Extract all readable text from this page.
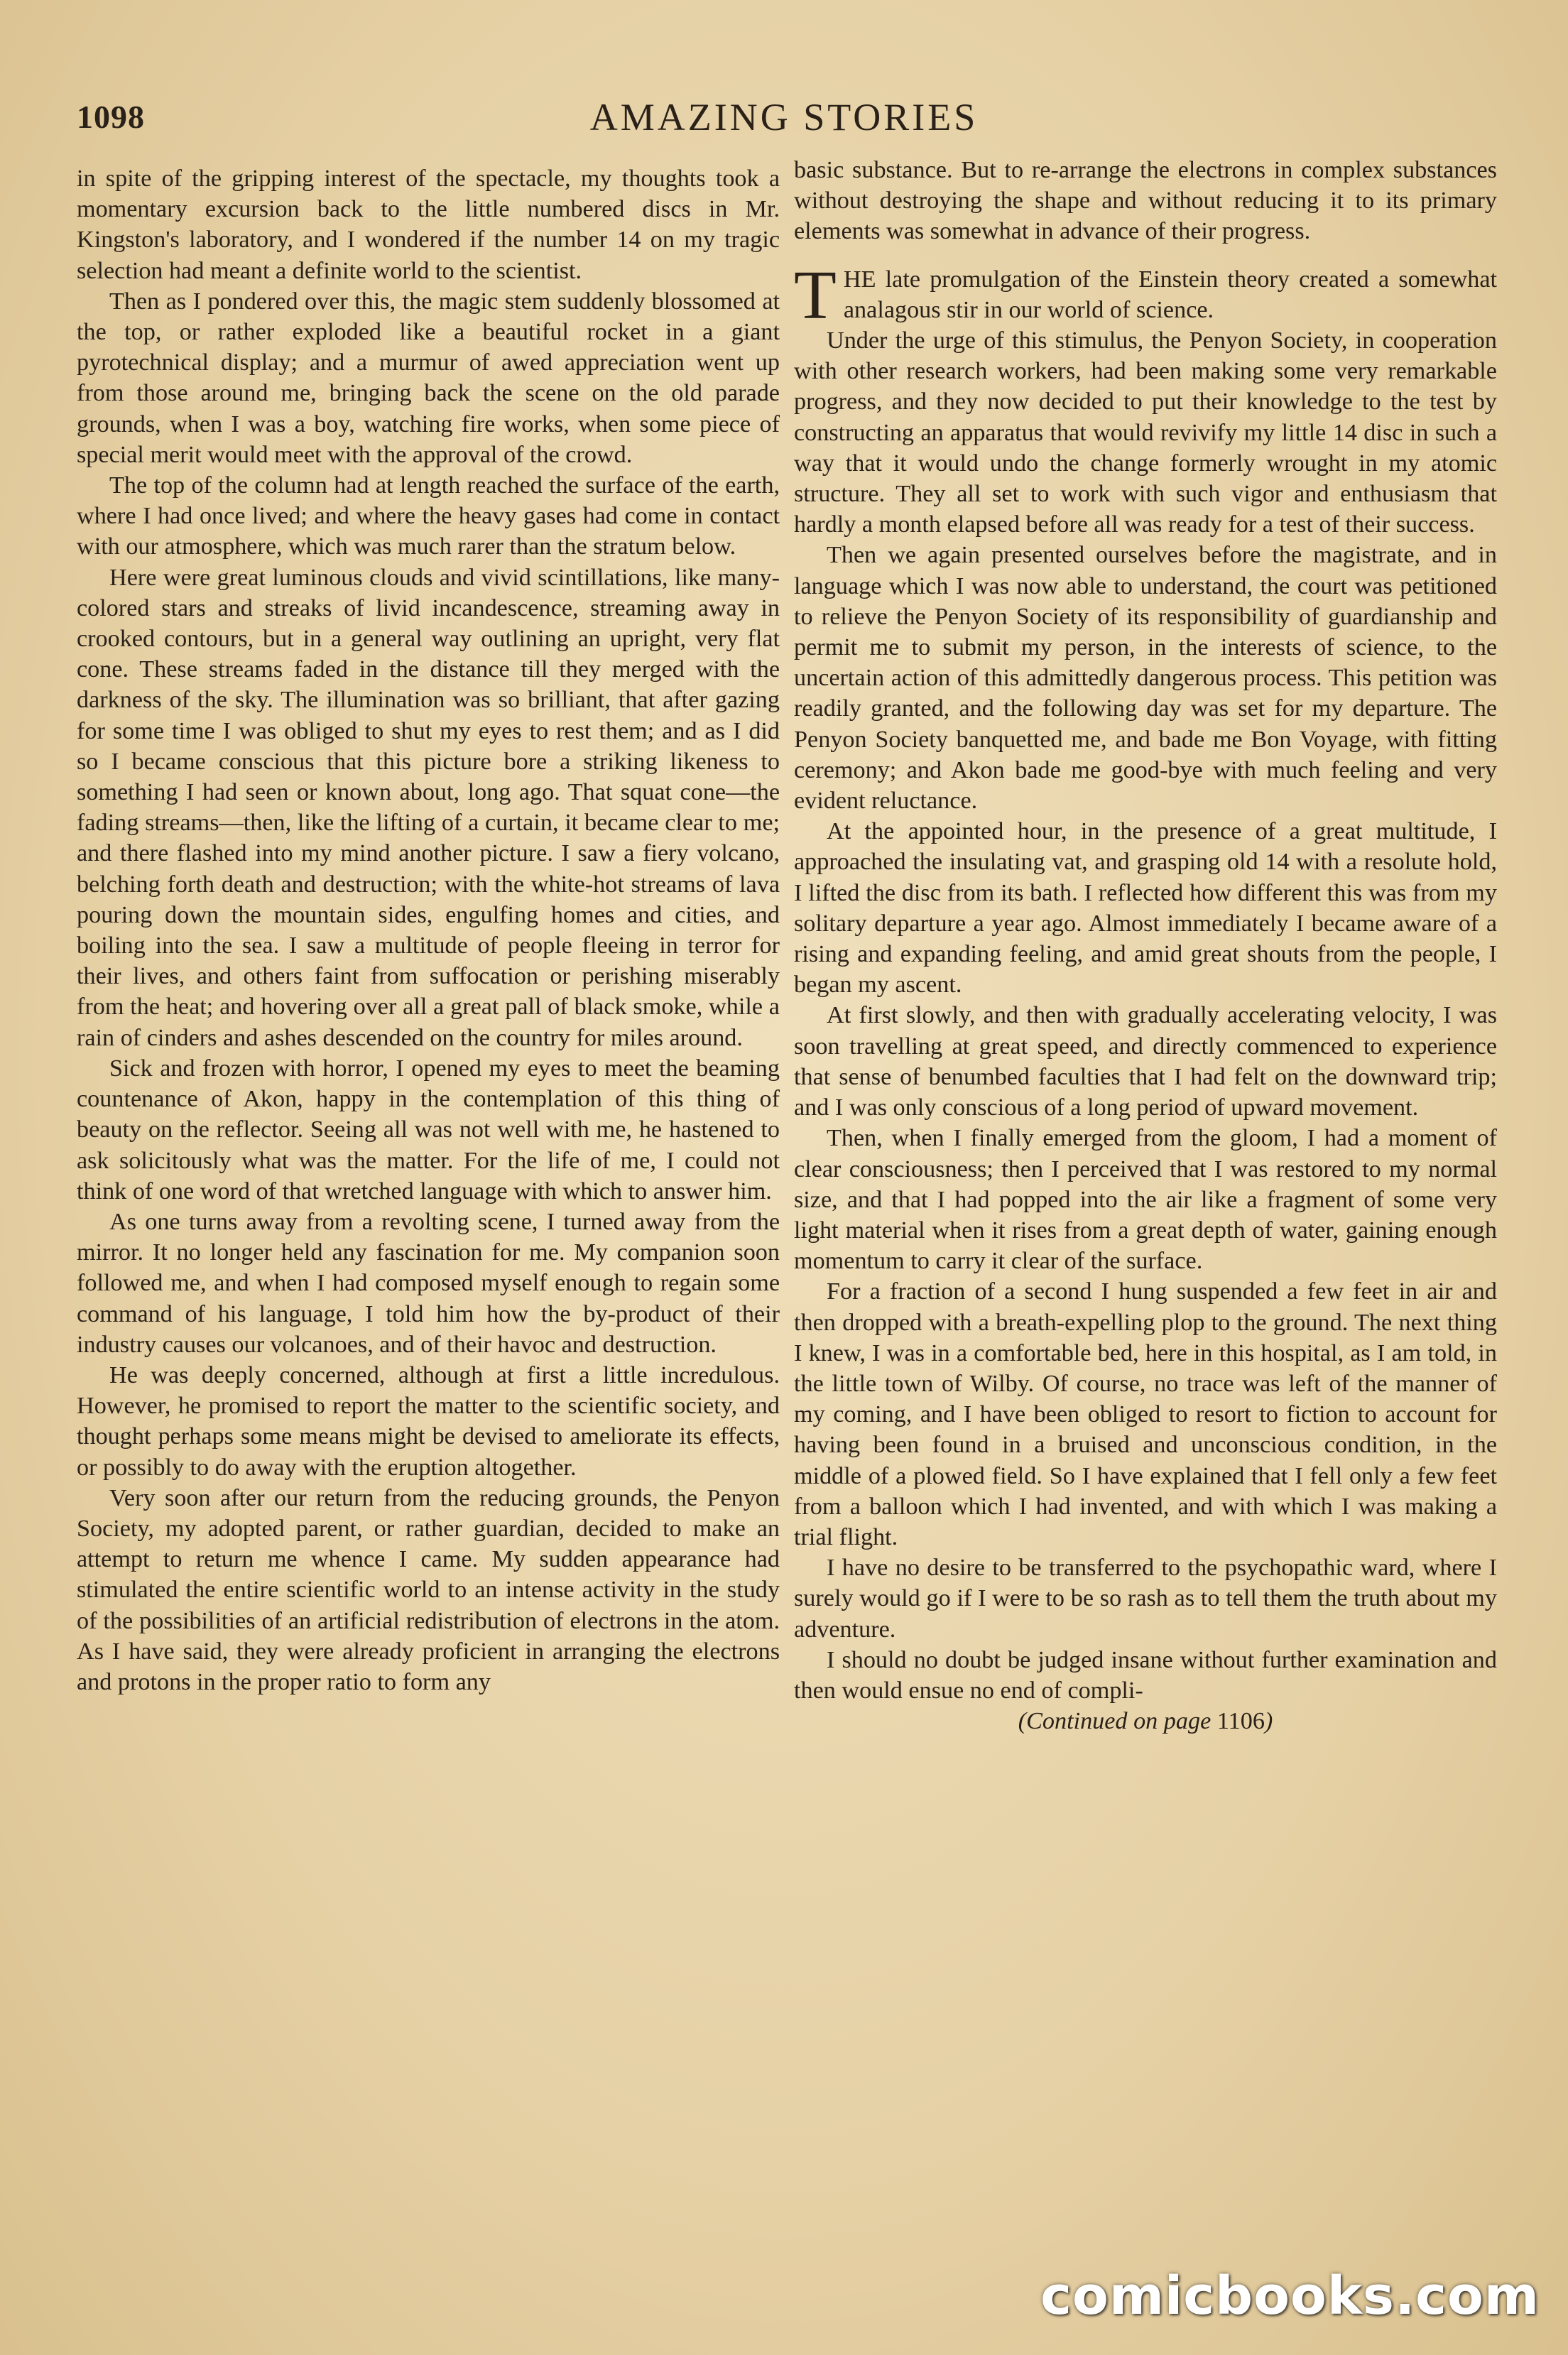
1098	AMAZING STORIES

in spite of the gripping interest of the spectacle, my thoughts took a momentary excursion back to the little numbered discs in Mr. Kingston's laboratory, and I wondered if the number 14 on my tragic selection had meant a definite world to the scientist.

Then as I pondered over this, the magic stem suddenly blossomed at the top, or rather exploded like a beautiful rocket in a giant pyrotechnical display; and a murmur of awed appreciation went up from those around me, bringing back the scene on the old parade grounds, when I was a boy, watching fire works, when some piece of special merit would meet with the approval of the crowd.

The top of the column had at length reached the surface of the earth, where I had once lived; and where the heavy gases had come in contact with our atmosphere, which was much rarer than the stratum below.

Here were great luminous clouds and vivid scintillations, like many-colored stars and streaks of livid incandescence, streaming away in crooked contours, but in a general way outlining an upright, very flat cone. These streams faded in the distance till they merged with the darkness of the sky. The illumination was so brilliant, that after gazing for some time I was obliged to shut my eyes to rest them; and as I did so I became conscious that this picture bore a striking likeness to something I had seen or known about, long ago. That squat cone—the fading streams—then, like the lifting of a curtain, it became clear to me; and there flashed into my mind another picture. I saw a fiery volcano, belching forth death and destruction; with the white-hot streams of lava pouring down the mountain sides, engulfing homes and cities, and boiling into the sea. I saw a multitude of people fleeing in terror for their lives, and others faint from suffocation or perishing miserably from the heat; and hovering over all a great pall of black smoke, while a rain of cinders and ashes descended on the country for miles around.

Sick and frozen with horror, I opened my eyes to meet the beaming countenance of Akon, happy in the contemplation of this thing of beauty on the reflector. Seeing all was not well with me, he hastened to ask solicitously what was the matter. For the life of me, I could not think of one word of that wretched language with which to answer him.

As one turns away from a revolting scene, I turned away from the mirror. It no longer held any fascination for me. My companion soon followed me, and when I had composed myself enough to regain some command of his language, I told him how the by-product of their industry causes our volcanoes, and of their havoc and destruction.

He was deeply concerned, although at first a little incredulous. However, he promised to report the matter to the scientific society, and thought perhaps some means might be devised to ameliorate its effects, or possibly to do away with the eruption altogether.

Very soon after our return from the reducing grounds, the Penyon Society, my adopted parent, or rather guardian, decided to make an attempt to return me whence I came. My sudden appearance had stimulated the entire scientific world to an intense activity in the study of the possibilities of an artificial redistribution of electrons in the atom. As I have said, they were already proficient in arranging the electrons and protons in the proper ratio to form any

basic substance. But to re-arrange the electrons in complex substances without destroying the shape and without reducing it to its primary elements was somewhat in advance of their progress.

THE late promulgation of the Einstein theory created a somewhat analagous stir in our world of science.

Under the urge of this stimulus, the Penyon Society, in cooperation with other research workers, had been making some very remarkable progress, and they now decided to put their knowledge to the test by constructing an apparatus that would revivify my little 14 disc in such a way that it would undo the change formerly wrought in my atomic structure. They all set to work with such vigor and enthusiasm that hardly a month elapsed before all was ready for a test of their success.

Then we again presented ourselves before the magistrate, and in language which I was now able to understand, the court was petitioned to relieve the Penyon Society of its responsibility of guardianship and permit me to submit my person, in the interests of science, to the uncertain action of this admittedly dangerous process. This petition was readily granted, and the following day was set for my departure. The Penyon Society banquetted me, and bade me Bon Voyage, with fitting ceremony; and Akon bade me good-bye with much feeling and very evident reluctance.

At the appointed hour, in the presence of a great multitude, I approached the insulating vat, and grasping old 14 with a resolute hold, I lifted the disc from its bath. I reflected how different this was from my solitary departure a year ago. Almost immediately I became aware of a rising and expanding feeling, and amid great shouts from the people, I began my ascent.

At first slowly, and then with gradually accelerating velocity, I was soon travelling at great speed, and directly commenced to experience that sense of benumbed faculties that I had felt on the downward trip; and I was only conscious of a long period of upward movement.

Then, when I finally emerged from the gloom, I had a moment of clear consciousness; then I perceived that I was restored to my normal size, and that I had popped into the air like a fragment of some very light material when it rises from a great depth of water, gaining enough momentum to carry it clear of the surface.

For a fraction of a second I hung suspended a few feet in air and then dropped with a breath-expelling plop to the ground. The next thing I knew, I was in a comfortable bed, here in this hospital, as I am told, in the little town of Wilby. Of course, no trace was left of the manner of my coming, and I have been obliged to resort to fiction to account for having been found in a bruised and unconscious condition, in the middle of a plowed field. So I have explained that I fell only a few feet from a balloon which I had invented, and with which I was making a trial flight.

I have no desire to be transferred to the psychopathic ward, where I surely would go if I were to be so rash as to tell them the truth about my adventure.

I should no doubt be judged insane without further examination and then would ensue no end of compli-

(Continued on page 1106)

comicbooks.com
